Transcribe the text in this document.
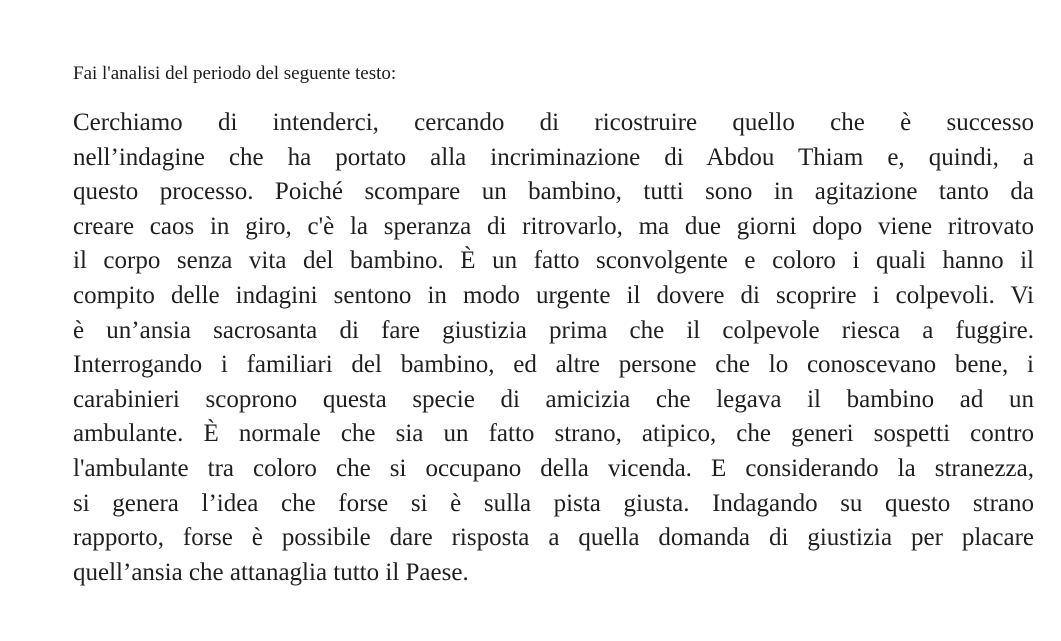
Fai l'analisi del periodo del seguente testo:
Cerchiamo di intenderci, cercando di ricostruire quello che è successo
nell’indagine che ha portato alla incriminazione di Abdou Thiam e, quindi, a
questo processo. Poiché scompare un bambino, tutti sono in agitazione tanto da
creare caos in giro, c'è la speranza di ritrovarlo, ma due giorni dopo viene ritrovato
il corpo senza vita del bambino. È un fatto sconvolgente e coloro i quali hanno il
compito delle indagini sentono in modo urgente il dovere di scoprire i colpevoli. Vi
è un’ansia sacrosanta di fare giustizia prima che il colpevole riesca a fuggire.
Interrogando i familiari del bambino, ed altre persone che lo conoscevano bene, i
carabinieri scoprono questa specie di amicizia che legava il bambino ad un
ambulante. È normale che sia un fatto strano, atipico, che generi sospetti contro
l'ambulante tra coloro che si occupano della vicenda. E considerando la stranezza,
si genera l’idea che forse si è sulla pista giusta. Indagando su questo strano
rapporto, forse è possibile dare risposta a quella domanda di giustizia per placare
quell’ansia che attanaglia tutto il Paese.
